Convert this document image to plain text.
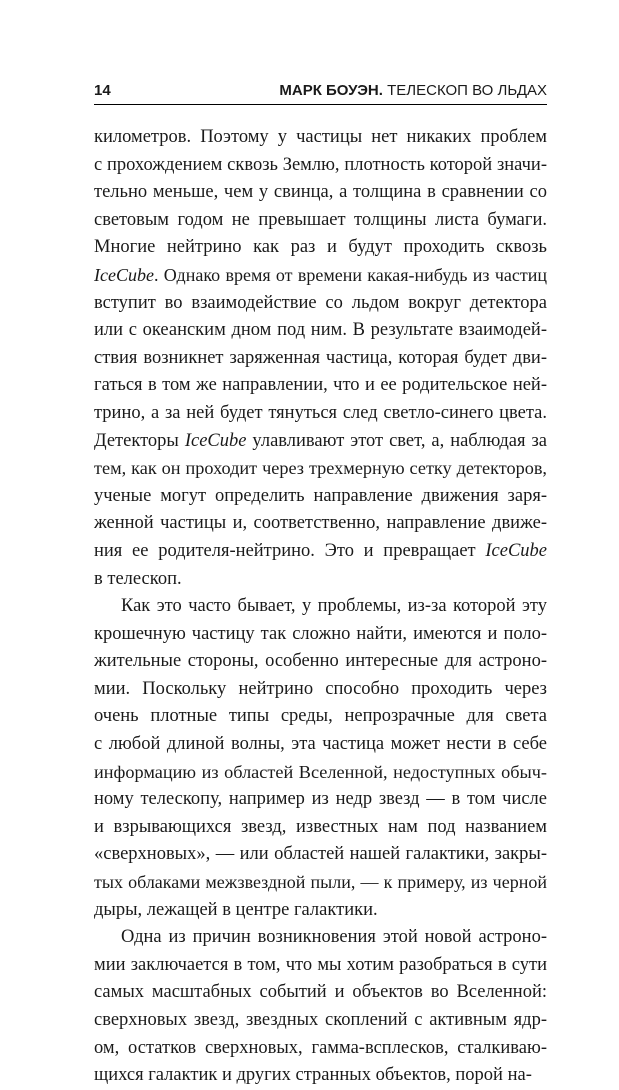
14	МАРК БОУЭН. ТЕЛЕСКОП ВО ЛЬДАХ
километров. Поэтому у частицы нет никаких проблем
с прохождением сквозь Землю, плотность которой значи-
тельно меньше, чем у свинца, а толщина в сравнении со
световым годом не превышает толщины листа бумаги.
Многие нейтрино как раз и будут проходить сквозь
IceCube. Однако время от времени какая-нибудь из частиц
вступит во взаимодействие со льдом вокруг детектора
или с океанским дном под ним. В результате взаимодей-
ствия возникнет заряженная частица, которая будет дви-
гаться в том же направлении, что и ее родительское ней-
трино, а за ней будет тянуться след светло-синего цвета.
Детекторы IceCube улавливают этот свет, а, наблюдая за
тем, как он проходит через трехмерную сетку детекторов,
ученые могут определить направление движения заря-
женной частицы и, соответственно, направление движе-
ния ее родителя-нейтрино. Это и превращает IceCube
в телескоп.
Как это часто бывает, у проблемы, из-за которой эту
крошечную частицу так сложно найти, имеются и поло-
жительные стороны, особенно интересные для астроно-
мии. Поскольку нейтрино способно проходить через
очень плотные типы среды, непрозрачные для света
с любой длиной волны, эта частица может нести в себе
информацию из областей Вселенной, недоступных обыч-
ному телескопу, например из недр звезд — в том числе
и взрывающихся звезд, известных нам под названием
«сверхновых», — или областей нашей галактики, закры-
тых облаками межзвездной пыли, — к примеру, из черной
дыры, лежащей в центре галактики.
Одна из причин возникновения этой новой астроно-
мии заключается в том, что мы хотим разобраться в сути
самых масштабных событий и объектов во Вселенной:
сверхновых звезд, звездных скоплений с активным ядр-
ом, остатков сверхновых, гамма-всплесков, сталкиваю-
щихся галактик и других странных объектов, порой на-
